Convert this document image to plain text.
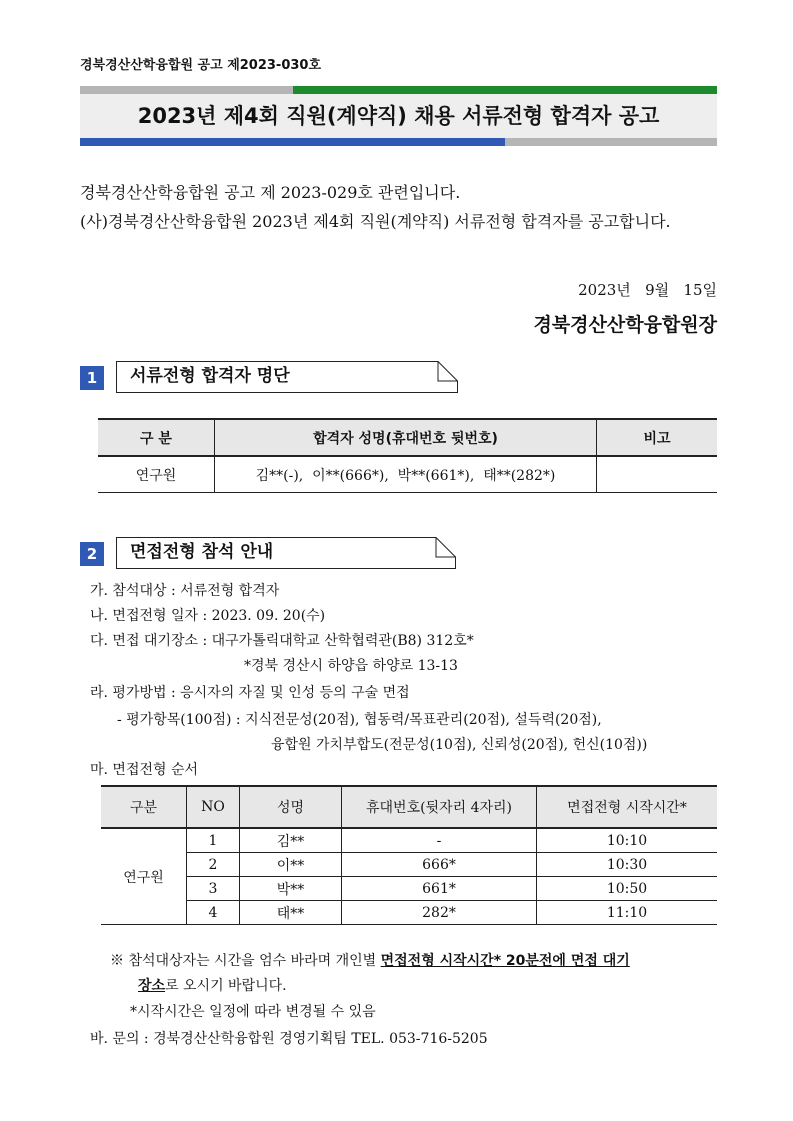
경북경산산학융합원 공고 제2023-030호
2023년 제4회 직원(계약직) 채용 서류전형 합격자 공고
경북경산산학융합원 공고 제 2023-029호 관련입니다.
(사)경북경산산학융합원 2023년 제4회 직원(계약직) 서류전형 합격자를 공고합니다.
2023년   9월   15일
경북경산산학융합원장
1	서류전형 합격자 명단
구 분	합격자 성명(휴대번호 뒷번호)	비고
연구원	김**(-),  이**(666*),  박**(661*),  태**(282*)	
2	면접전형 참석 안내
가. 참석대상 : 서류전형 합격자
나. 면접전형 일자 : 2023. 09. 20(수)
다. 면접 대기장소 : 대구가톨릭대학교 산학협력관(B8) 312호*
*경북 경산시 하양읍 하양로 13-13
라. 평가방법 : 응시자의 자질 및 인성 등의 구술 면접
- 평가항목(100점) : 지식전문성(20점), 협동력/목표관리(20점), 설득력(20점),
융합원 가치부합도(전문성(10점), 신뢰성(20점), 헌신(10점))
마. 면접전형 순서
구분	NO	성명	휴대번호(뒷자리 4자리)	면접전형 시작시간*
연구원	1	김**	-	10:10
	2	이**	666*	10:30
	3	박**	661*	10:50
	4	태**	282*	11:10
※ 참석대상자는 시간을 엄수 바라며 개인별 면접전형 시작시간* 20분전에 면접 대기
장소로 오시기 바랍니다.
*시작시간은 일정에 따라 변경될 수 있음
바. 문의 : 경북경산산학융합원 경영기획팀 TEL. 053-716-5205
